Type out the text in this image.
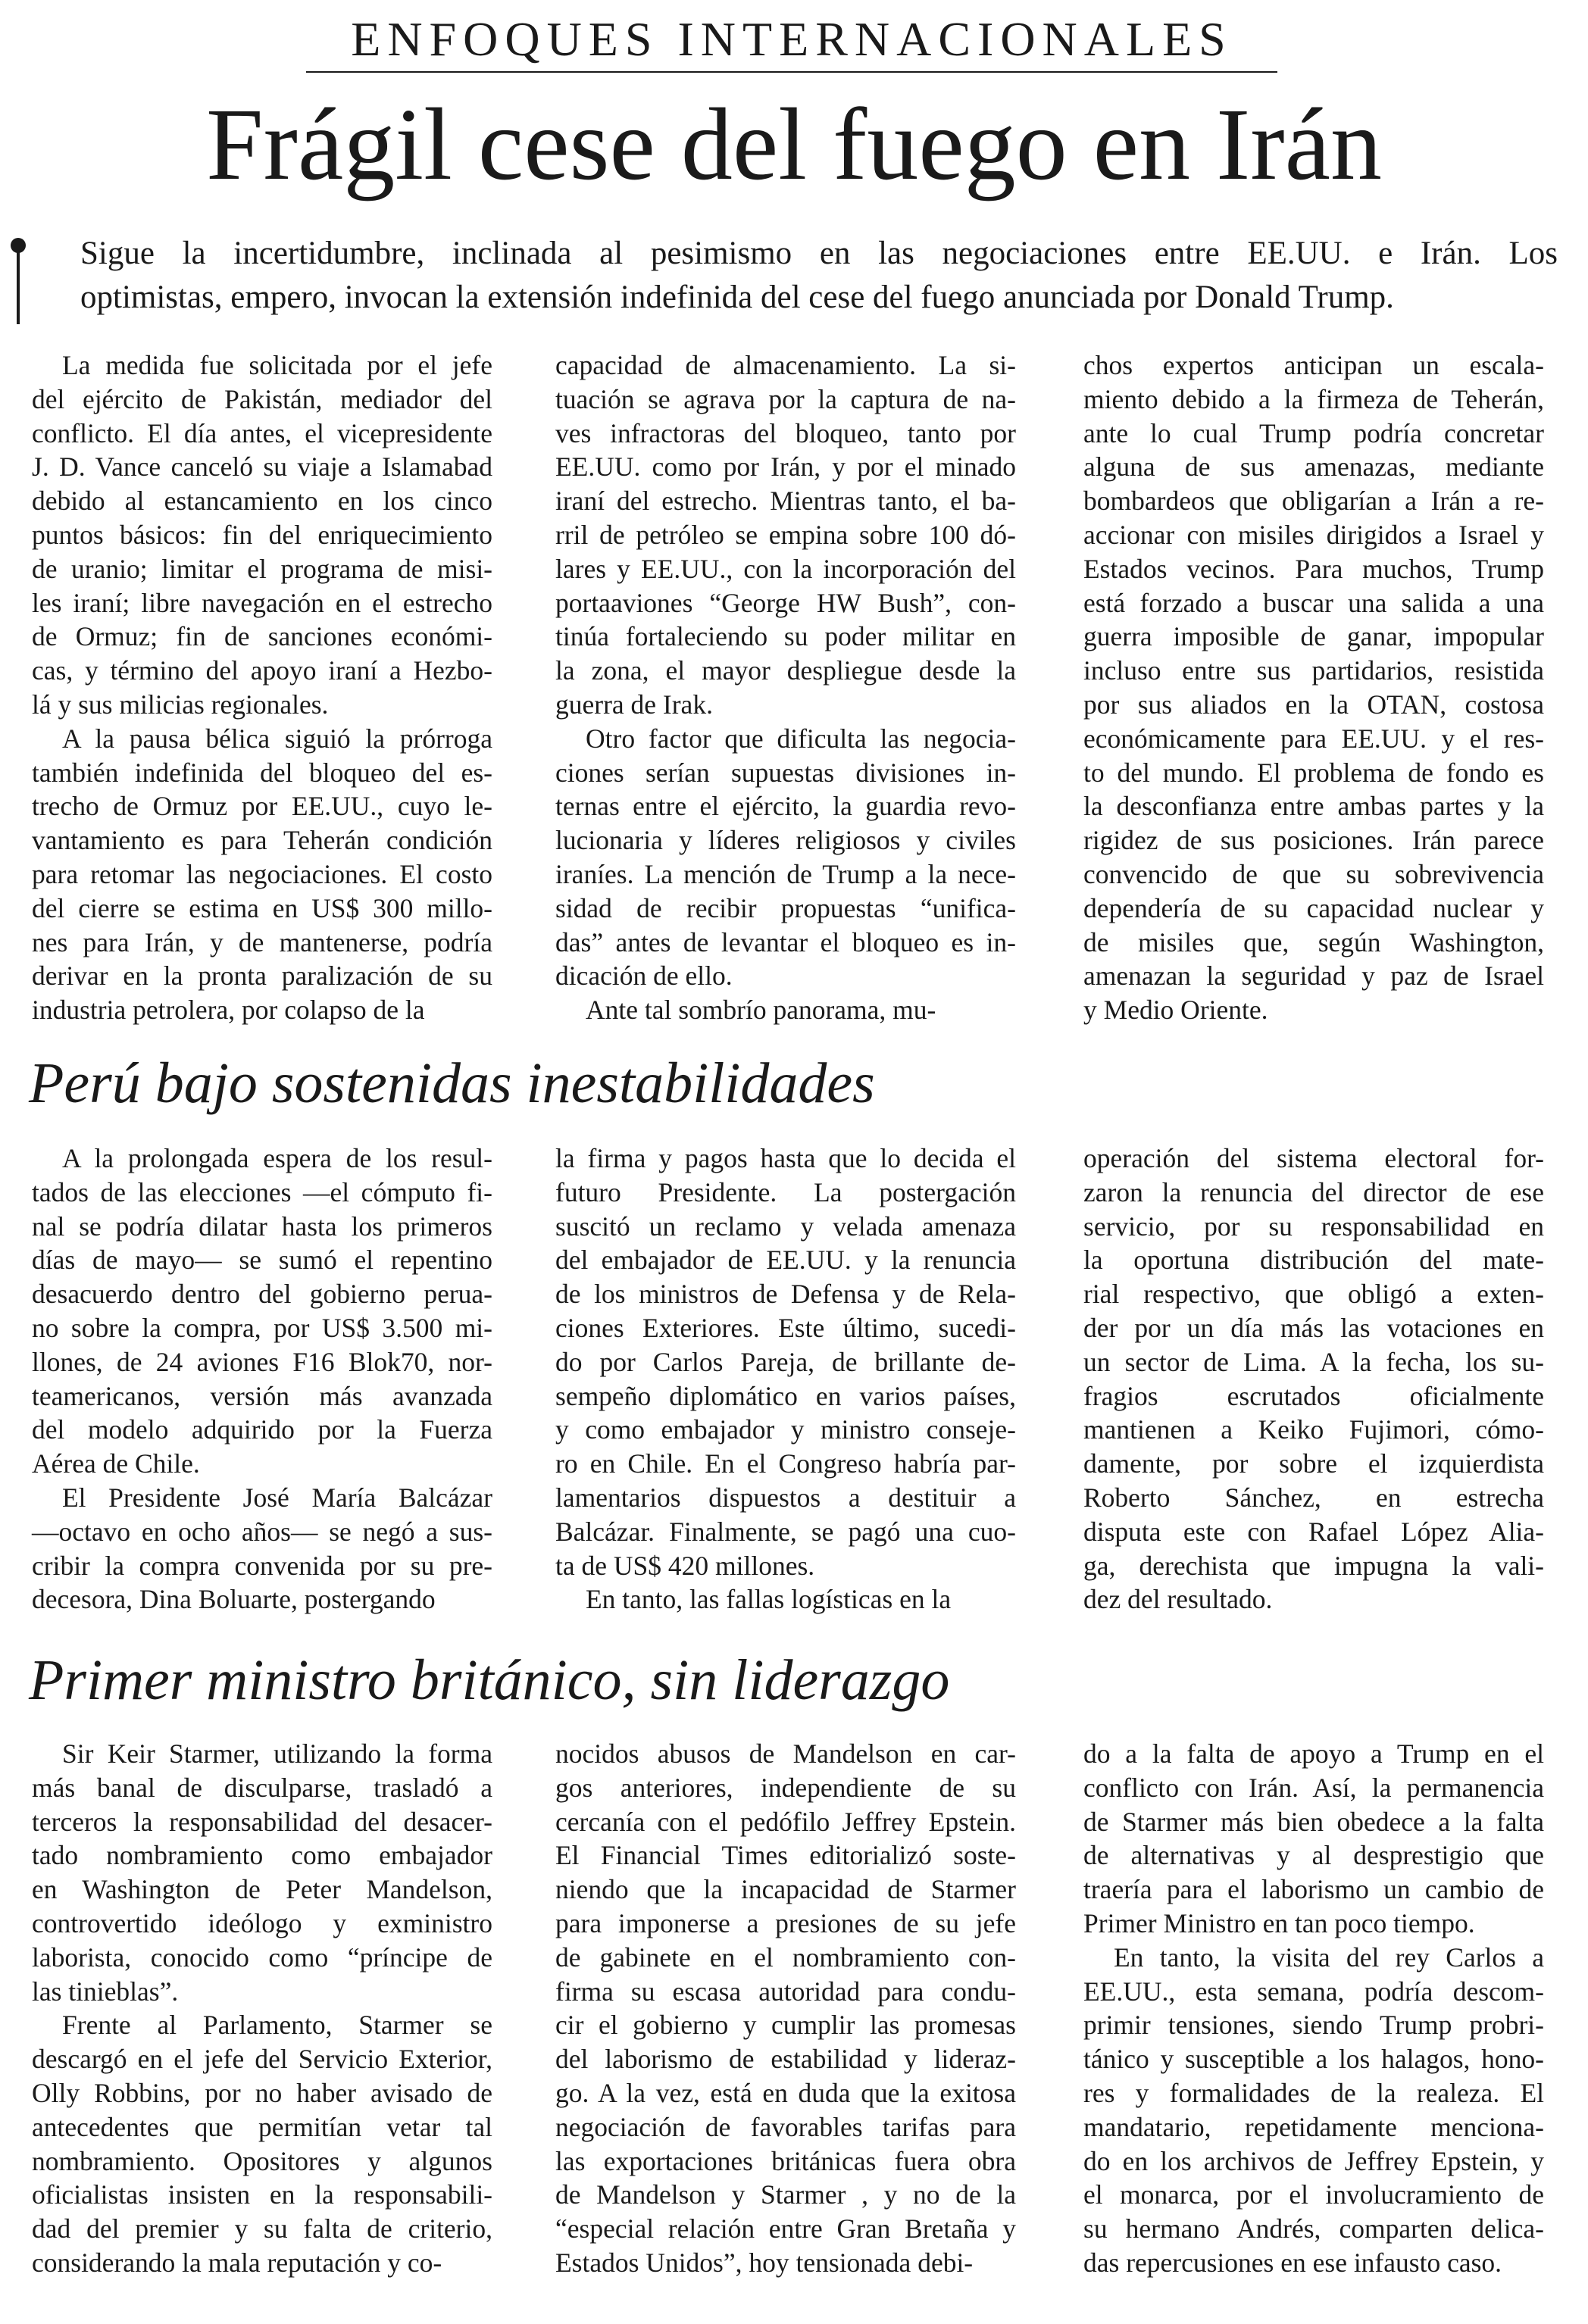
ENFOQUES INTERNACIONALES
Frágil cese del fuego en Irán
Sigue la incertidumbre, inclinada al pesimismo en las negociaciones entre EE.UU. e Irán. Los
optimistas, empero, invocan la extensión indefinida del cese del fuego anunciada por Donald Trump.
La medida fue solicitada por el jefe
del ejército de Pakistán, mediador del
conflicto. El día antes, el vicepresidente
J. D. Vance canceló su viaje a Islamabad
debido al estancamiento en los cinco
puntos básicos: fin del enriquecimiento
de uranio; limitar el programa de misi-
les iraní; libre navegación en el estrecho
de Ormuz; fin de sanciones económi-
cas, y término del apoyo iraní a Hezbo-
lá y sus milicias regionales.
A la pausa bélica siguió la prórroga
también indefinida del bloqueo del es-
trecho de Ormuz por EE.UU., cuyo le-
vantamiento es para Teherán condición
para retomar las negociaciones. El costo
del cierre se estima en US$ 300 millo-
nes para Irán, y de mantenerse, podría
derivar en la pronta paralización de su
industria petrolera, por colapso de la
capacidad de almacenamiento. La si-
tuación se agrava por la captura de na-
ves infractoras del bloqueo, tanto por
EE.UU. como por Irán, y por el minado
iraní del estrecho. Mientras tanto, el ba-
rril de petróleo se empina sobre 100 dó-
lares y EE.UU., con la incorporación del
portaaviones “George HW Bush”, con-
tinúa fortaleciendo su poder militar en
la zona, el mayor despliegue desde la
guerra de Irak.
Otro factor que dificulta las negocia-
ciones serían supuestas divisiones in-
ternas entre el ejército, la guardia revo-
lucionaria y líderes religiosos y civiles
iraníes. La mención de Trump a la nece-
sidad de recibir propuestas “unifica-
das” antes de levantar el bloqueo es in-
dicación de ello.
Ante tal sombrío panorama, mu-
chos expertos anticipan un escala-
miento debido a la firmeza de Teherán,
ante lo cual Trump podría concretar
alguna de sus amenazas, mediante
bombardeos que obligarían a Irán a re-
accionar con misiles dirigidos a Israel y
Estados vecinos. Para muchos, Trump
está forzado a buscar una salida a una
guerra imposible de ganar, impopular
incluso entre sus partidarios, resistida
por sus aliados en la OTAN, costosa
económicamente para EE.UU. y el res-
to del mundo. El problema de fondo es
la desconfianza entre ambas partes y la
rigidez de sus posiciones. Irán parece
convencido de que su sobrevivencia
dependería de su capacidad nuclear y
de misiles que, según Washington,
amenazan la seguridad y paz de Israel
y Medio Oriente.
Perú bajo sostenidas inestabilidades
A la prolongada espera de los resul-
tados de las elecciones —el cómputo fi-
nal se podría dilatar hasta los primeros
días de mayo— se sumó el repentino
desacuerdo dentro del gobierno perua-
no sobre la compra, por US$ 3.500 mi-
llones, de 24 aviones F16 Blok70, nor-
teamericanos, versión más avanzada
del modelo adquirido por la Fuerza
Aérea de Chile.
El Presidente José María Balcázar
—octavo en ocho años— se negó a sus-
cribir la compra convenida por su pre-
decesora, Dina Boluarte, postergando
la firma y pagos hasta que lo decida el
futuro Presidente. La postergación
suscitó un reclamo y velada amenaza
del embajador de EE.UU. y la renuncia
de los ministros de Defensa y de Rela-
ciones Exteriores. Este último, sucedi-
do por Carlos Pareja, de brillante de-
sempeño diplomático en varios países,
y como embajador y ministro conseje-
ro en Chile. En el Congreso habría par-
lamentarios dispuestos a destituir a
Balcázar. Finalmente, se pagó una cuo-
ta de US$ 420 millones.
En tanto, las fallas logísticas en la
operación del sistema electoral for-
zaron la renuncia del director de ese
servicio, por su responsabilidad en
la oportuna distribución del mate-
rial respectivo, que obligó a exten-
der por un día más las votaciones en
un sector de Lima. A la fecha, los su-
fragios escrutados oficialmente
mantienen a Keiko Fujimori, cómo-
damente, por sobre el izquierdista
Roberto Sánchez, en estrecha
disputa este con Rafael López Alia-
ga, derechista que impugna la vali-
dez del resultado.
Primer ministro británico, sin liderazgo
Sir Keir Starmer, utilizando la forma
más banal de disculparse, trasladó a
terceros la responsabilidad del desacer-
tado nombramiento como embajador
en Washington de Peter Mandelson,
controvertido ideólogo y exministro
laborista, conocido como “príncipe de
las tinieblas”.
Frente al Parlamento, Starmer se
descargó en el jefe del Servicio Exterior,
Olly Robbins, por no haber avisado de
antecedentes que permitían vetar tal
nombramiento. Opositores y algunos
oficialistas insisten en la responsabili-
dad del premier y su falta de criterio,
considerando la mala reputación y co-
nocidos abusos de Mandelson en car-
gos anteriores, independiente de su
cercanía con el pedófilo Jeffrey Epstein.
El Financial Times editorializó soste-
niendo que la incapacidad de Starmer
para imponerse a presiones de su jefe
de gabinete en el nombramiento con-
firma su escasa autoridad para condu-
cir el gobierno y cumplir las promesas
del laborismo de estabilidad y lideraz-
go. A la vez, está en duda que la exitosa
negociación de favorables tarifas para
las exportaciones británicas fuera obra
de Mandelson y Starmer , y no de la
“especial relación entre Gran Bretaña y
Estados Unidos”, hoy tensionada debi-
do a la falta de apoyo a Trump en el
conflicto con Irán. Así, la permanencia
de Starmer más bien obedece a la falta
de alternativas y al desprestigio que
traería para el laborismo un cambio de
Primer Ministro en tan poco tiempo.
En tanto, la visita del rey Carlos a
EE.UU., esta semana, podría descom-
primir tensiones, siendo Trump probri-
tánico y susceptible a los halagos, hono-
res y formalidades de la realeza. El
mandatario, repetidamente menciona-
do en los archivos de Jeffrey Epstein, y
el monarca, por el involucramiento de
su hermano Andrés, comparten delica-
das repercusiones en ese infausto caso.
